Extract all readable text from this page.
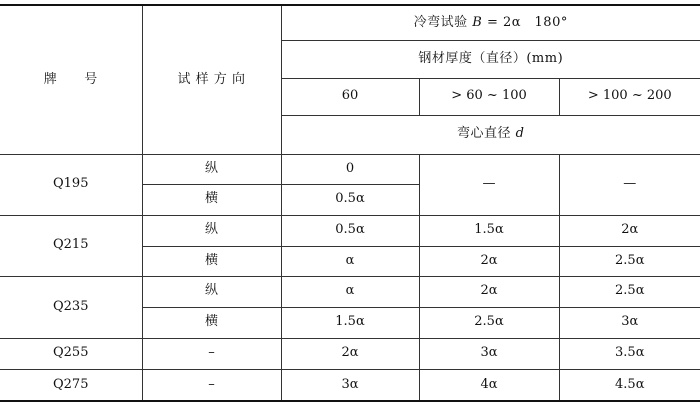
牌　　号	试 样 方 向	冷弯试验 B = 2α　180°		
		钢材厚度（直径）(mm)		
		60	> 60 ~ 100	> 100 ~ 200
		弯心直径 d		
Q195	纵	0	—	—
	横	0.5α		
Q215	纵	0.5α	1.5α	2α
	横	α	2α	2.5α
Q235	纵	α	2α	2.5α
	横	1.5α	2.5α	3α
Q255	–	2α	3α	3.5α
Q275	–	3α	4α	4.5α
